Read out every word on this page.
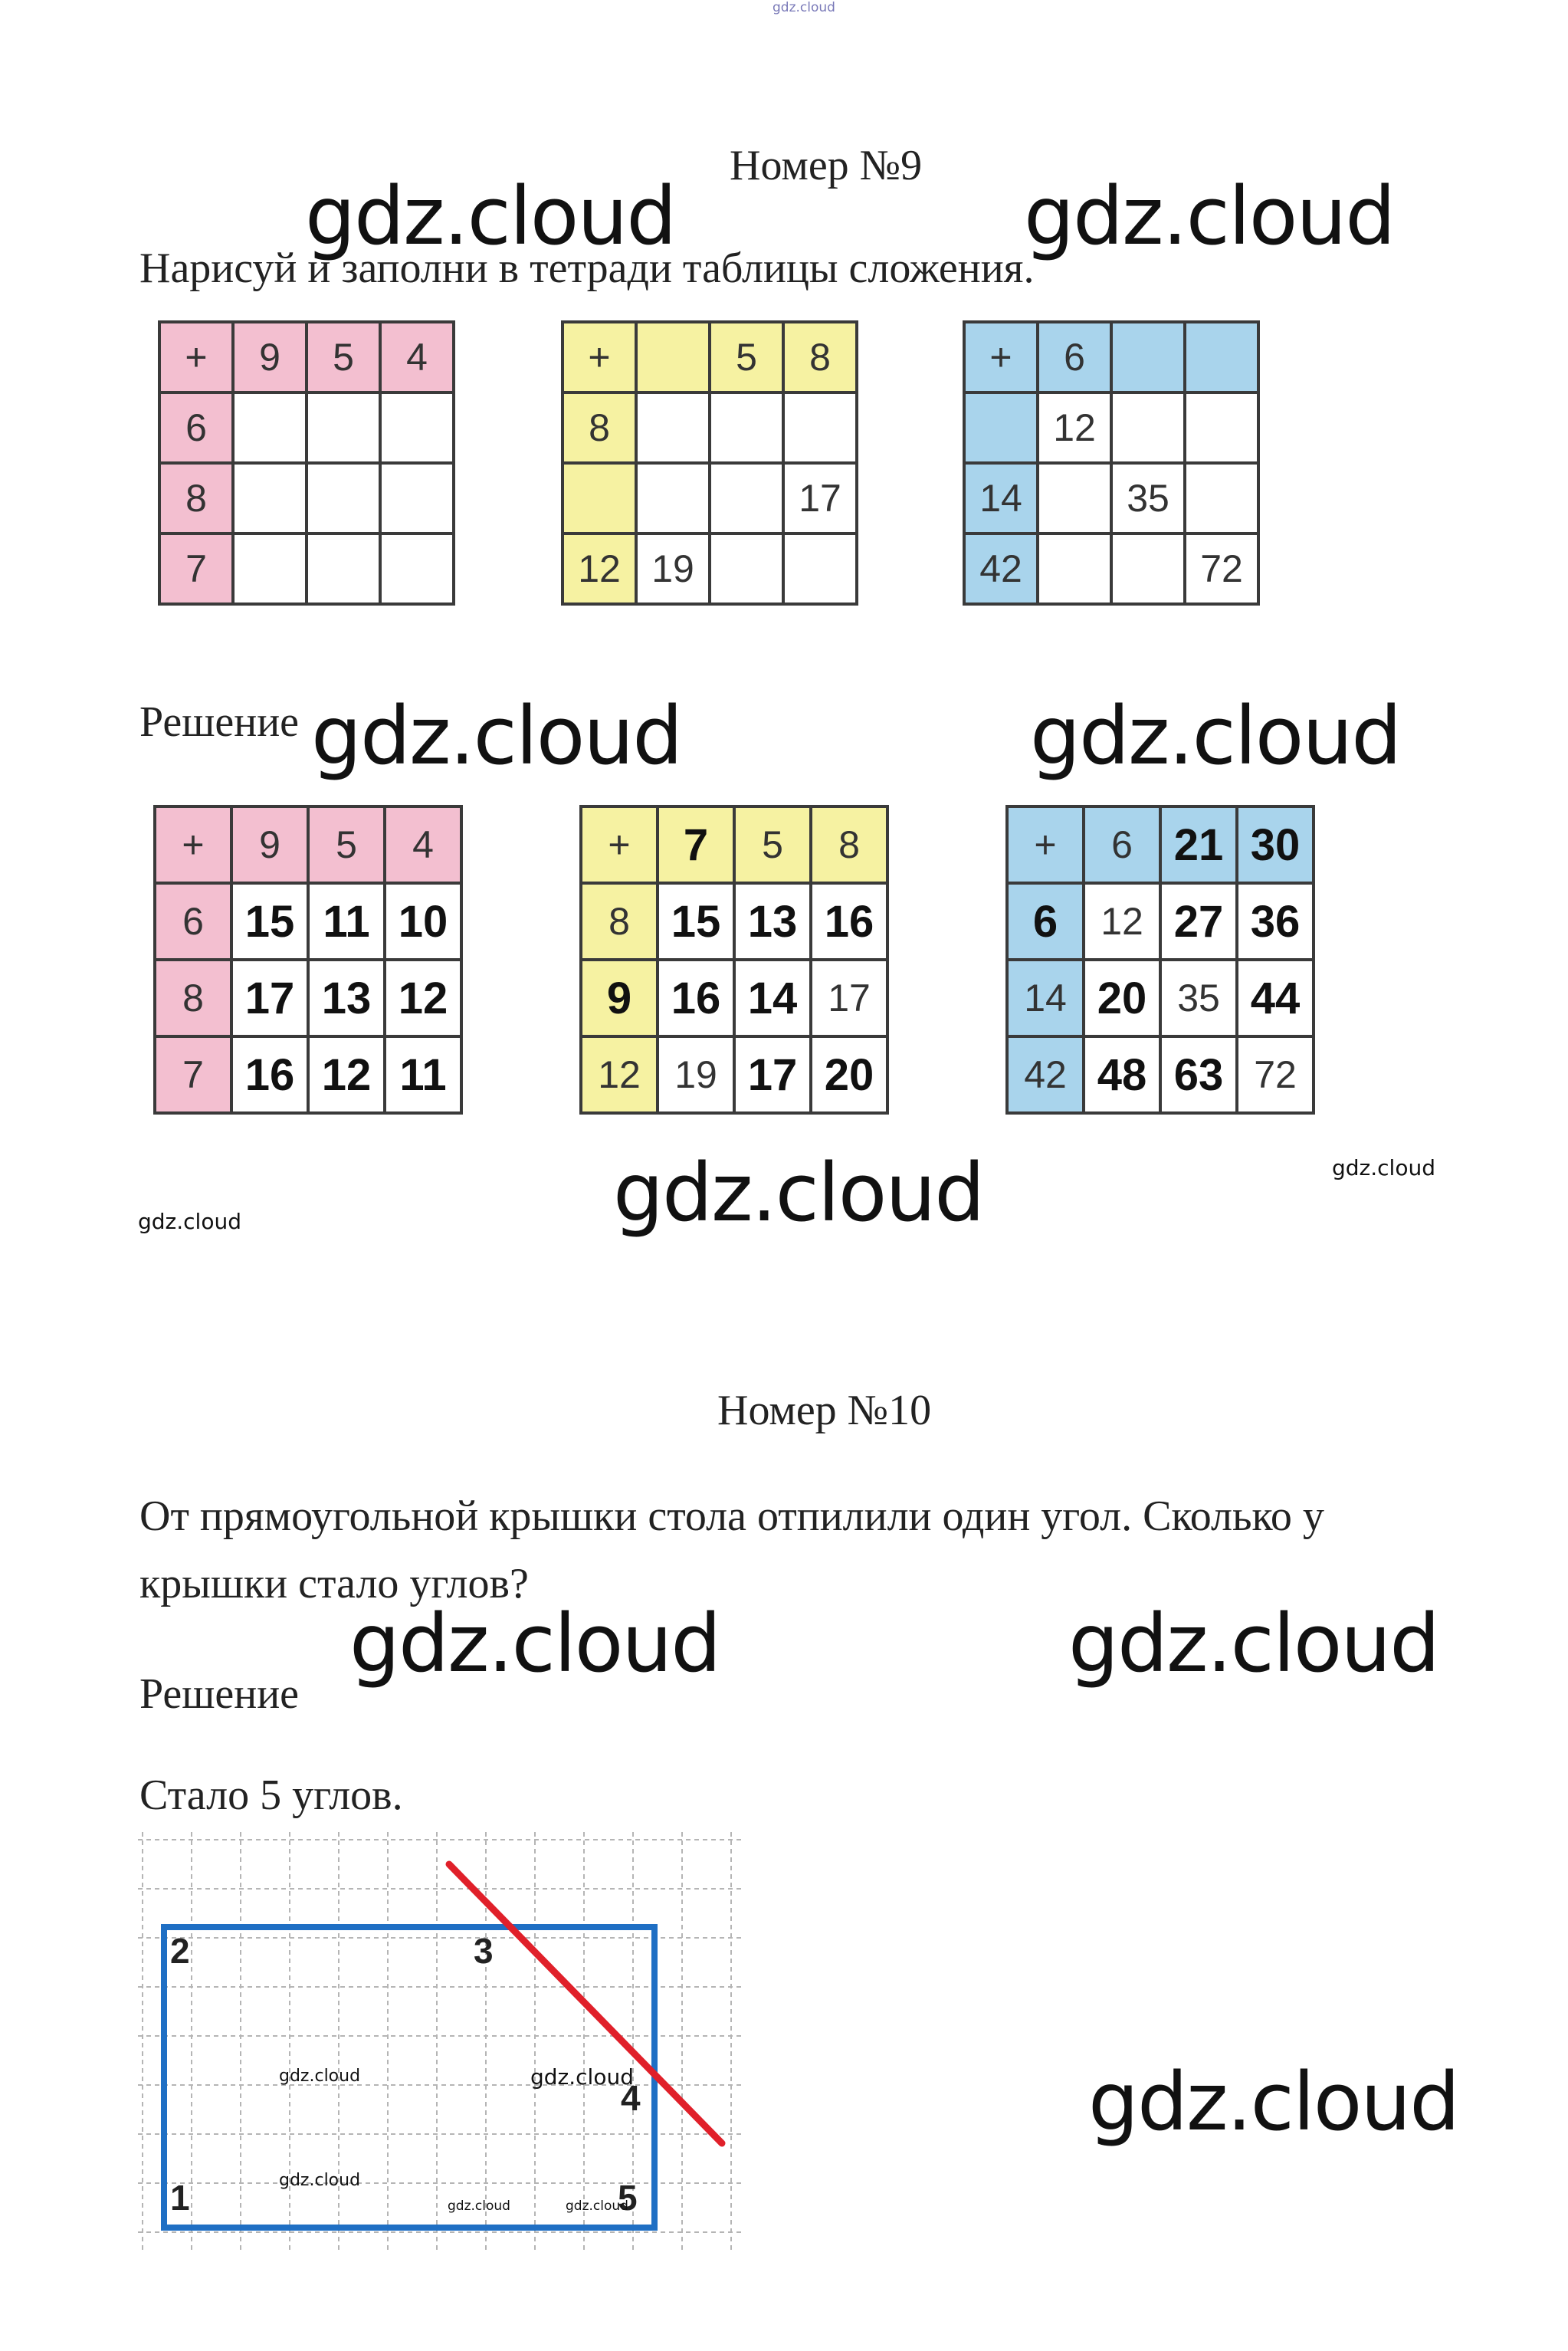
gdz.cloud
Номер №9
Нарисуй и заполни в тетради таблицы сложения.
gdz.cloud	gdz.cloud
+	9	5	4
6			
8			
7			
+		5	8
8			
			17
12	19		
+	6		
	12		
14		35	
42			72
Решение gdz.cloud	gdz.cloud
+	9	5	4
6	15	11	10
8	17	13	12
7	16	12	11
+	7	5	8
8	15	13	16
9	16	14	17
12	19	17	20
+	6	21	30
6	12	27	36
14	20	35	44
42	48	63	72
gdz.cloud
gdz.cloud
gdz.cloud
Номер №10
От прямоугольной крышки стола отпилили один угол. Сколько у
крышки стало углов?
gdz.cloud	gdz.cloud
Решение
Стало 5 углов.
2	3
4
1	5
gdz.cloud	gdz.cloud
gdz.cloud
gdz.cloud	gdz.cloud
gdz.cloud
